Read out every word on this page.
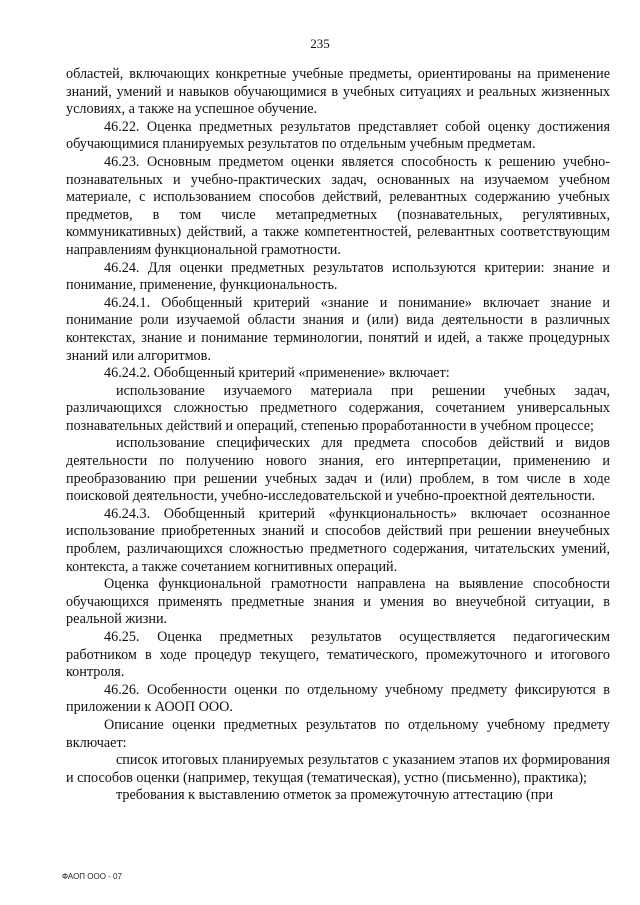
235

областей, включающих конкретные учебные предметы, ориентированы на применение знаний, умений и навыков обучающимися в учебных ситуациях и реальных жизненных условиях, а также на успешное обучение.

46.22. Оценка предметных результатов представляет собой оценку достижения обучающимися планируемых результатов по отдельным учебным предметам.

46.23. Основным предметом оценки является способность к решению учебно-познавательных и учебно-практических задач, основанных на изучаемом учебном материале, с использованием способов действий, релевантных содержанию учебных предметов, в том числе метапредметных (познавательных, регулятивных, коммуникативных) действий, а также компетентностей, релевантных соответствующим направлениям функциональной грамотности.

46.24. Для оценки предметных результатов используются критерии: знание и понимание, применение, функциональность.

46.24.1. Обобщенный критерий «знание и понимание» включает знание и понимание роли изучаемой области знания и (или) вида деятельности в различных контекстах, знание и понимание терминологии, понятий и идей, а также процедурных знаний или алгоритмов.

46.24.2. Обобщенный критерий «применение» включает:

использование изучаемого материала при решении учебных задач, различающихся сложностью предметного содержания, сочетанием универсальных познавательных действий и операций, степенью проработанности в учебном процессе;

использование специфических для предмета способов действий и видов деятельности по получению нового знания, его интерпретации, применению и преобразованию при решении учебных задач и (или) проблем, в том числе в ходе поисковой деятельности, учебно-исследовательской и учебно-проектной деятельности.

46.24.3. Обобщенный критерий «функциональность» включает осознанное использование приобретенных знаний и способов действий при решении внеучебных проблем, различающихся сложностью предметного содержания, читательских умений, контекста, а также сочетанием когнитивных операций.

Оценка функциональной грамотности направлена на выявление способности обучающихся применять предметные знания и умения во внеучебной ситуации, в реальной жизни.

46.25. Оценка предметных результатов осуществляется педагогическим работником в ходе процедур текущего, тематического, промежуточного и итогового контроля.

46.26. Особенности оценки по отдельному учебному предмету фиксируются в приложении к АООП ООО.

Описание оценки предметных результатов по отдельному учебному предмету включает:

список итоговых планируемых результатов с указанием этапов их формирования и способов оценки (например, текущая (тематическая), устно (письменно), практика);

требования к выставлению отметок за промежуточную аттестацию (при

ФАОП ООО - 07
